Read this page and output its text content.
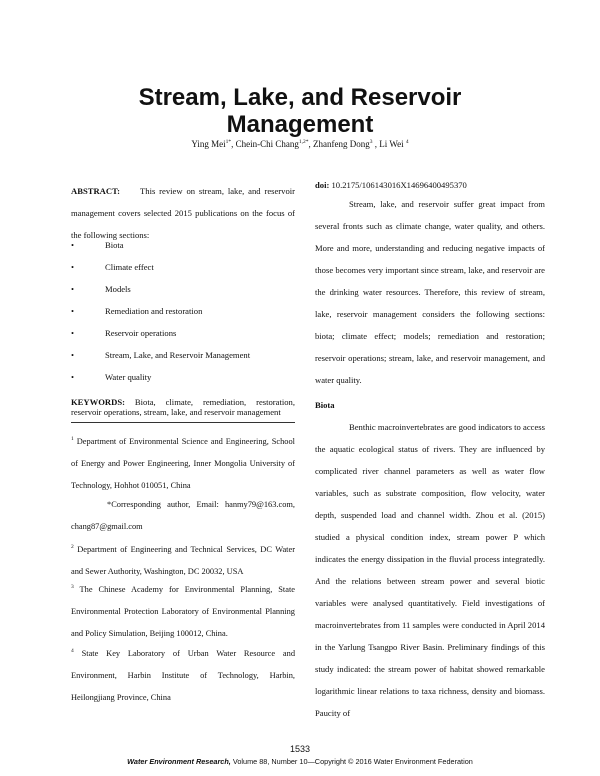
Stream, Lake, and Reservoir
Management
Ying Mei$^{1*}$, Chein-Chi Chang$^{1,2*}$, Zhanfeng Dong$^3$ , Li Wei $^4$
ABSTRACT: This review on stream, lake, and reservoir management covers selected 2015 publications on the focus of the following sections:
•	Biota
•	Climate effect
•	Models
•	Remediation and restoration
•	Reservoir operations
•	Stream, Lake, and Reservoir Management
•	Water quality
KEYWORDS: Biota, climate, remediation, restoration, reservoir operations, stream, lake, and reservoir management
$^1$ Department of Environmental Science and Engineering, School of Energy and Power Engineering, Inner Mongolia University of Technology, Hohhot 010051, China
*Corresponding author, Email: hanmy79@163.com, chang87@gmail.com
$^2$ Department of Engineering and Technical Services, DC Water and Sewer Authority, Washington, DC 20032, USA
$^3$ The Chinese Academy for Environmental Planning, State Environmental Protection Laboratory of Environmental Planning and Policy Simulation, Beijing 100012, China.
$^4$ State Key Laboratory of Urban Water Resource and Environment, Harbin Institute of Technology, Harbin, Heilongjiang Province, China
doi: 10.2175/106143016X14696400495370
Stream, lake, and reservoir suffer great impact from several fronts such as climate change, water quality, and others. More and more, understanding and reducing negative impacts of those becomes very important since stream, lake, and reservoir are the drinking water resources. Therefore, this review of stream, lake, reservoir management considers the following sections: biota; climate effect; models; remediation and restoration; reservoir operations; stream, lake, and reservoir management, and water quality.
Biota
Benthic macroinvertebrates are good indicators to access the aquatic ecological status of rivers. They are influenced by complicated river channel parameters as well as water flow variables, such as substrate composition, flow velocity, water depth, suspended load and channel width. Zhou et al. (2015) studied a physical condition index, stream power P which indicates the energy dissipation in the fluvial process integratedly. And the relations between stream power and several biotic variables were analysed quantitatively. Field investigations of macroinvertebrates from 11 samples were conducted in April 2014 in the Yarlung Tsangpo River Basin. Preliminary findings of this study indicated: the stream power of habitat showed remarkable logarithmic linear relations to taxa richness, density and biomass. Paucity of
1533
Water Environment Research, Volume 88, Number 10—Copyright © 2016 Water Environment Federation
